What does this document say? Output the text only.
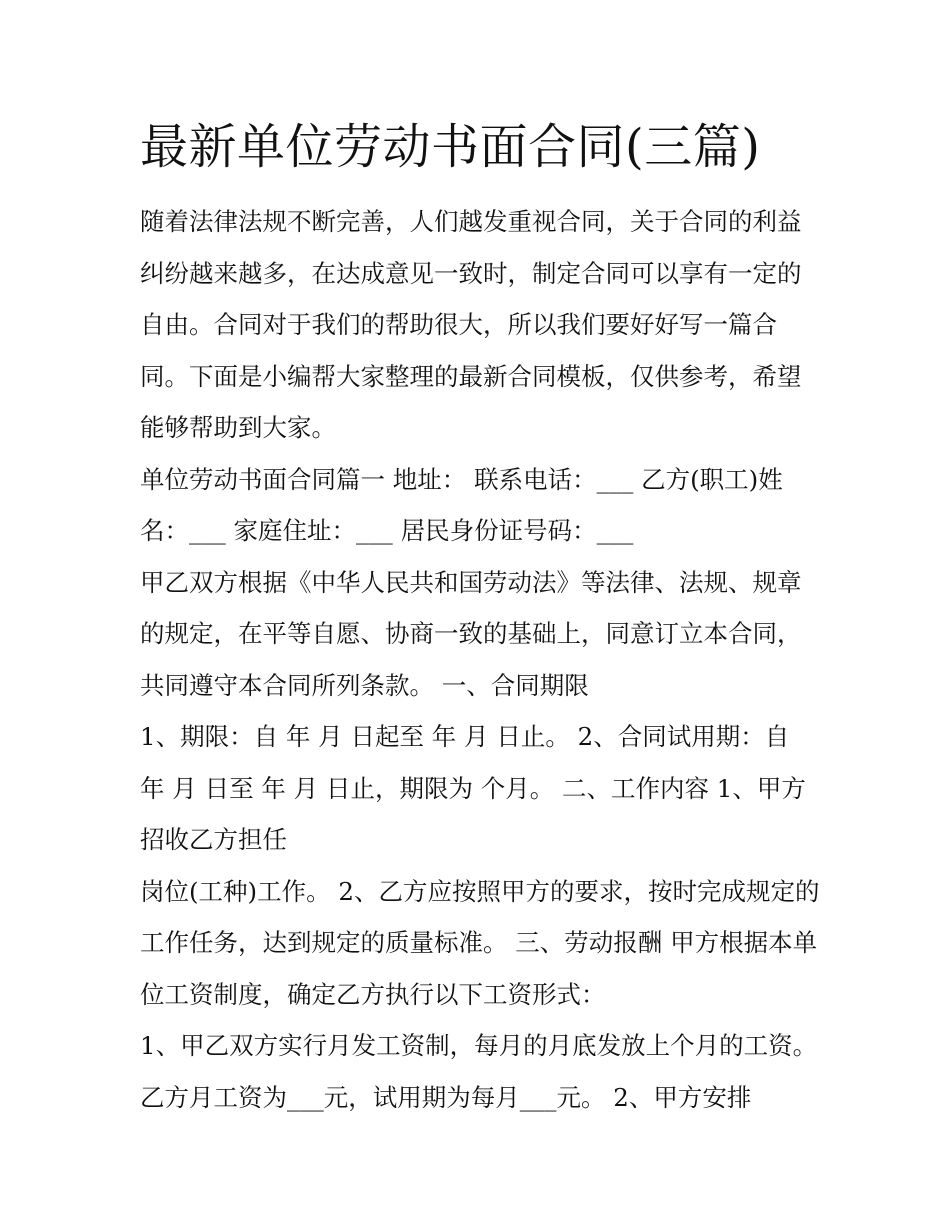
最新单位劳动书面合同(三篇)

随着法律法规不断完善，人们越发重视合同，关于合同的利益纠纷越来越多，在达成意见一致时，制定合同可以享有一定的自由。合同对于我们的帮助很大，所以我们要好好写一篇合同。下面是小编帮大家整理的最新合同模板，仅供参考，希望能够帮助到大家。

单位劳动书面合同篇一 地址： 联系电话：___ 乙方(职工)姓名：___ 家庭住址：___ 居民身份证号码：___

甲乙双方根据《中华人民共和国劳动法》等法律、法规、规章的规定，在平等自愿、协商一致的基础上，同意订立本合同，共同遵守本合同所列条款。 一、合同期限

1、期限：自 年 月 日起至 年 月 日止。 2、合同试用期：自 年 月 日至 年 月 日止，期限为 个月。 二、工作内容 1、甲方招收乙方担任

岗位(工种)工作。 2、乙方应按照甲方的要求，按时完成规定的工作任务，达到规定的质量标准。 三、劳动报酬 甲方根据本单位工资制度，确定乙方执行以下工资形式：

1、甲乙双方实行月发工资制，每月的月底发放上个月的工资。乙方月工资为___元，试用期为每月___元。 2、甲方安排
